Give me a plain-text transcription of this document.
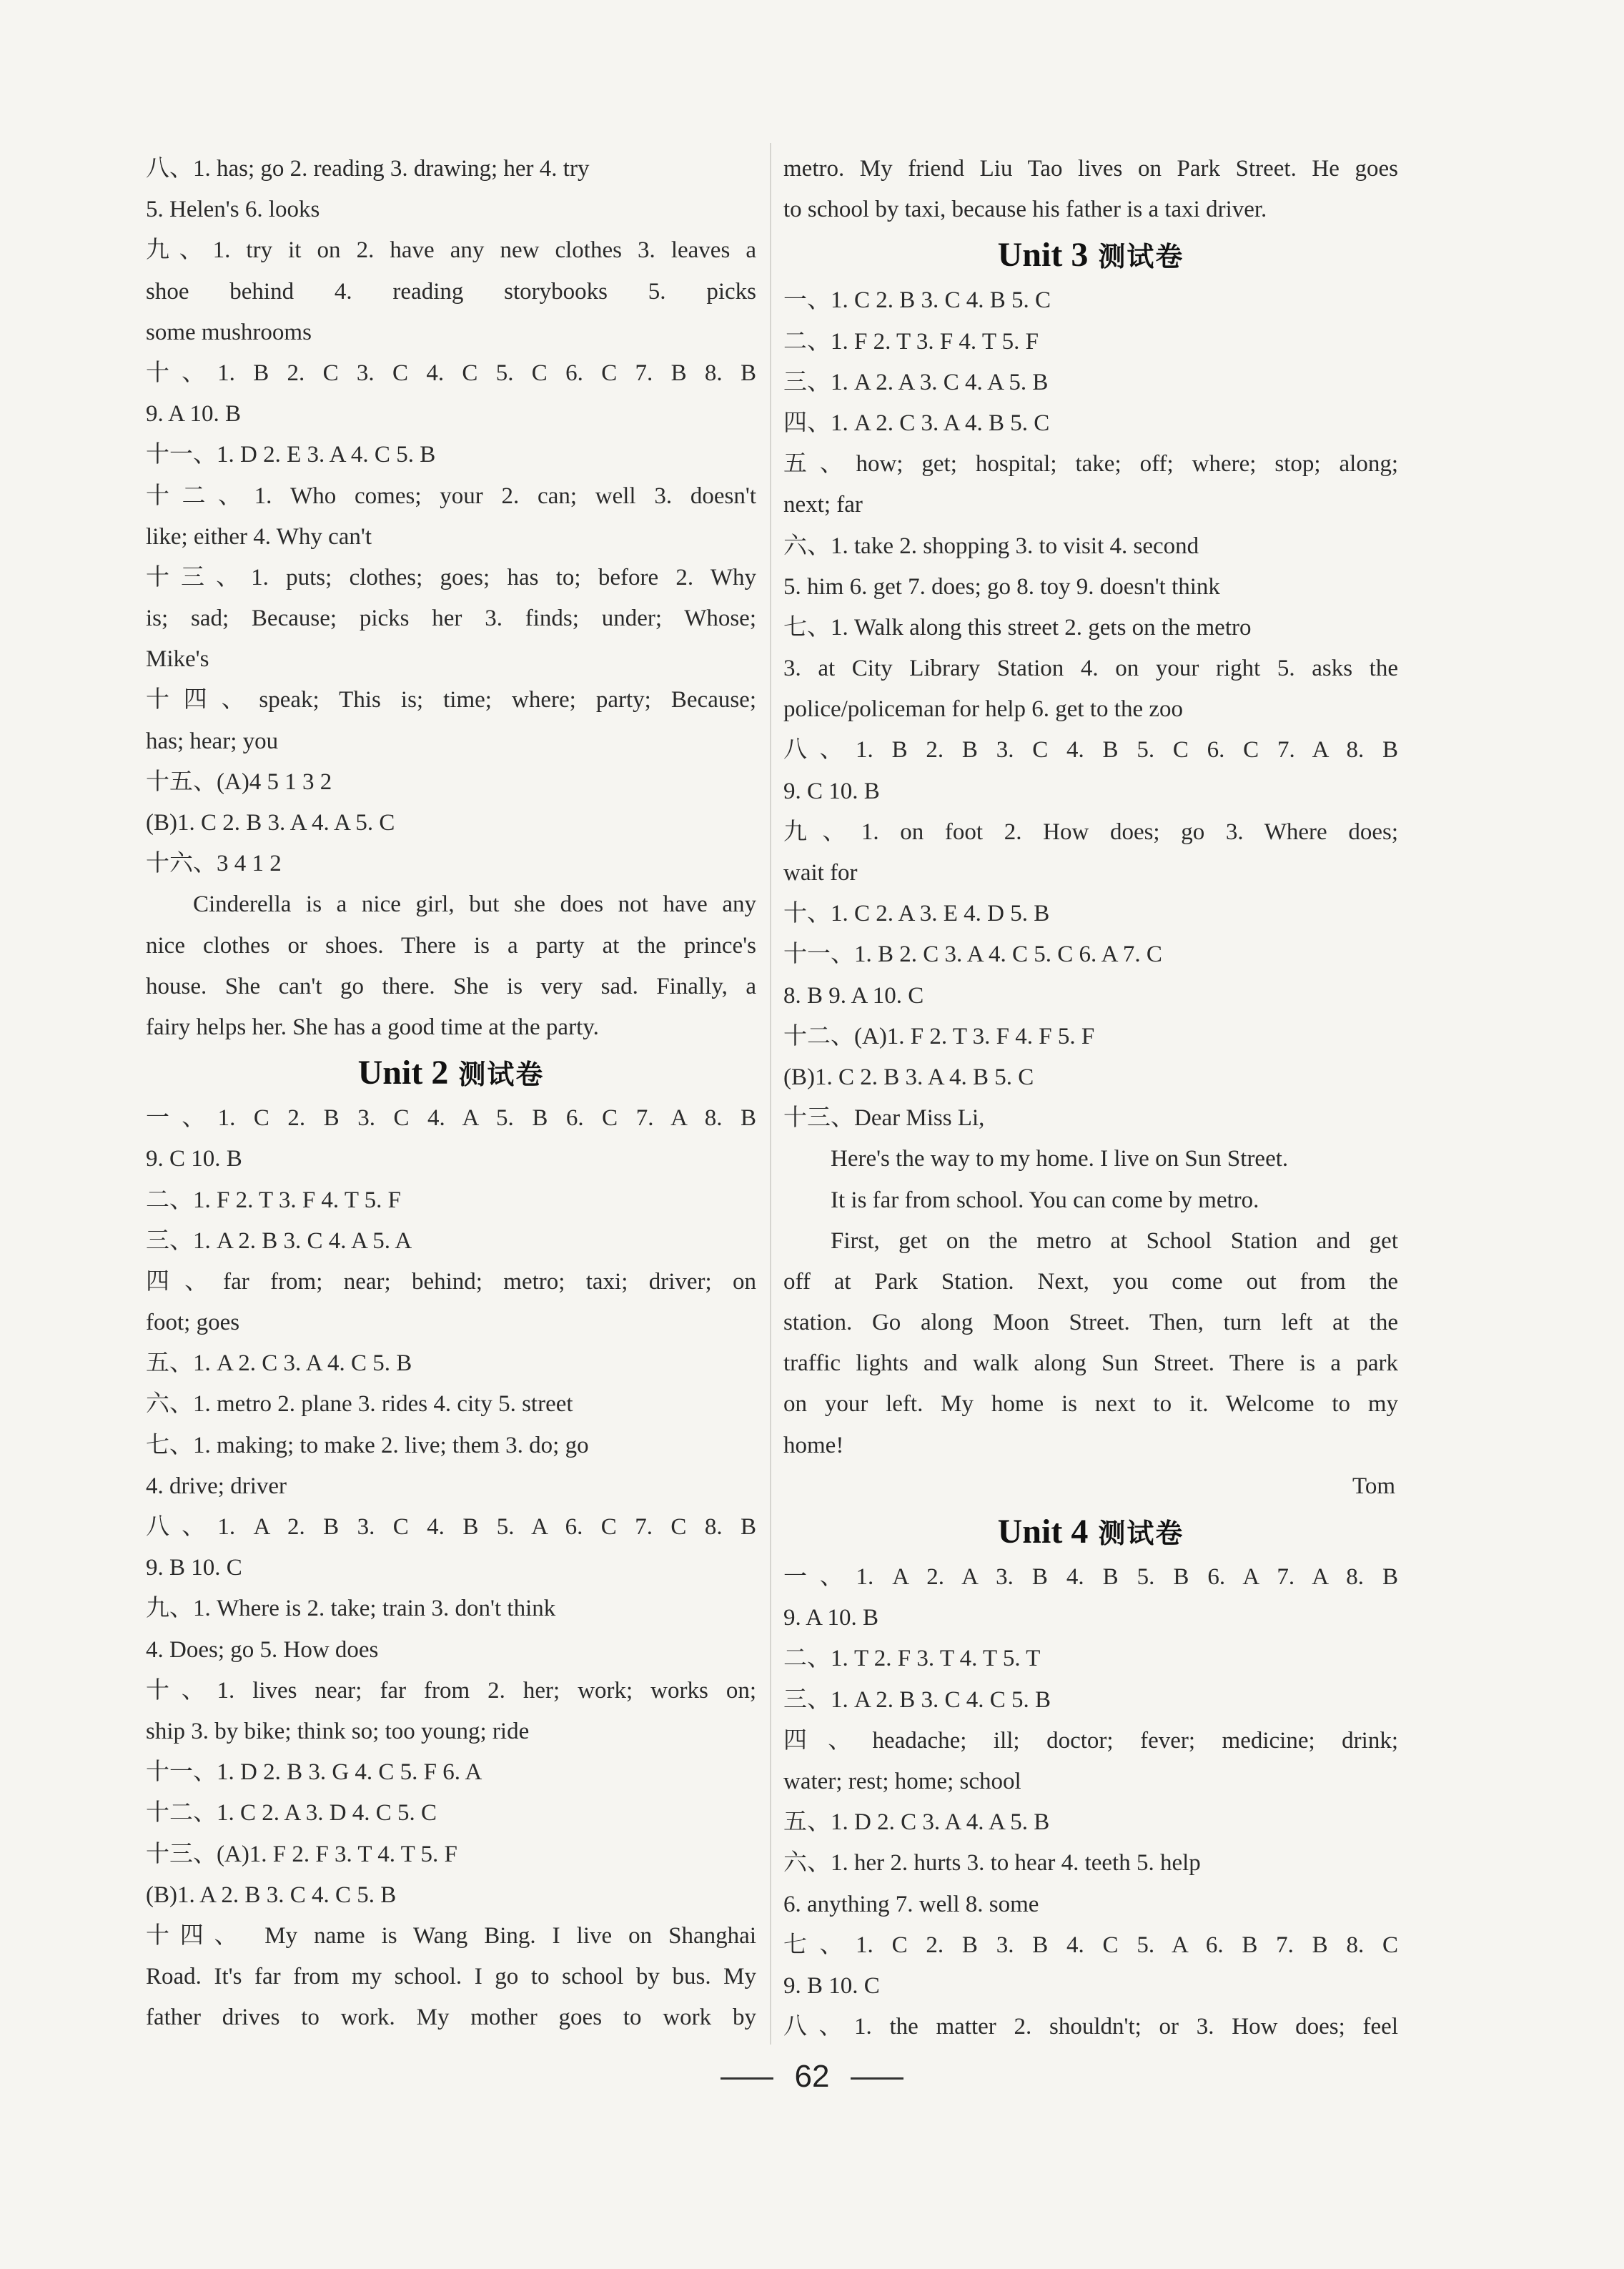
八、1. has; go 2. reading 3. drawing; her 4. try
5. Helen's 6. looks
九、1. try it on 2. have any new clothes 3. leaves a
shoe behind 4. reading storybooks 5. picks
some mushrooms
十、1. B 2. C 3. C 4. C 5. C 6. C 7. B 8. B
9. A 10. B
十一、1. D 2. E 3. A 4. C 5. B
十二、1. Who comes; your 2. can; well 3. doesn't
like; either 4. Why can't
十三、1. puts; clothes; goes; has to; before 2. Why
is; sad; Because; picks her 3. finds; under; Whose;
Mike's
十四、speak; This is; time; where; party; Because;
has; hear; you
十五、(A)4 5 1 3 2
(B)1. C 2. B 3. A 4. A 5. C
十六、3 4 1 2
Cinderella is a nice girl, but she does not have any
nice clothes or shoes. There is a party at the prince's
house. She can't go there. She is very sad. Finally, a
fairy helps her. She has a good time at the party.
Unit 2 测试卷
一、1. C 2. B 3. C 4. A 5. B 6. C 7. A 8. B
9. C 10. B
二、1. F 2. T 3. F 4. T 5. F
三、1. A 2. B 3. C 4. A 5. A
四、far from; near; behind; metro; taxi; driver; on
foot; goes
五、1. A 2. C 3. A 4. C 5. B
六、1. metro 2. plane 3. rides 4. city 5. street
七、1. making; to make 2. live; them 3. do; go
4. drive; driver
八、1. A 2. B 3. C 4. B 5. A 6. C 7. C 8. B
9. B 10. C
九、1. Where is 2. take; train 3. don't think
4. Does; go 5. How does
十、1. lives near; far from 2. her; work; works on;
ship 3. by bike; think so; too young; ride
十一、1. D 2. B 3. G 4. C 5. F 6. A
十二、1. C 2. A 3. D 4. C 5. C
十三、(A)1. F 2. F 3. T 4. T 5. F
(B)1. A 2. B 3. C 4. C 5. B
十四、 My name is Wang Bing. I live on Shanghai
Road. It's far from my school. I go to school by bus. My
father drives to work. My mother goes to work by
metro. My friend Liu Tao lives on Park Street. He goes
to school by taxi, because his father is a taxi driver.
Unit 3 测试卷
一、1. C 2. B 3. C 4. B 5. C
二、1. F 2. T 3. F 4. T 5. F
三、1. A 2. A 3. C 4. A 5. B
四、1. A 2. C 3. A 4. B 5. C
五、how; get; hospital; take; off; where; stop; along;
next; far
六、1. take 2. shopping 3. to visit 4. second
5. him 6. get 7. does; go 8. toy 9. doesn't think
七、1. Walk along this street 2. gets on the metro
3. at City Library Station 4. on your right 5. asks the
police/policeman for help 6. get to the zoo
八、1. B 2. B 3. C 4. B 5. C 6. C 7. A 8. B
9. C 10. B
九、1. on foot 2. How does; go 3. Where does;
wait for
十、1. C 2. A 3. E 4. D 5. B
十一、1. B 2. C 3. A 4. C 5. C 6. A 7. C
8. B 9. A 10. C
十二、(A)1. F 2. T 3. F 4. F 5. F
(B)1. C 2. B 3. A 4. B 5. C
十三、Dear Miss Li,
Here's the way to my home. I live on Sun Street.
It is far from school. You can come by metro.
First, get on the metro at School Station and get
off at Park Station. Next, you come out from the
station. Go along Moon Street. Then, turn left at the
traffic lights and walk along Sun Street. There is a park
on your left. My home is next to it. Welcome to my
home!
Tom
Unit 4 测试卷
一、1. A 2. A 3. B 4. B 5. B 6. A 7. A 8. B
9. A 10. B
二、1. T 2. F 3. T 4. T 5. T
三、1. A 2. B 3. C 4. C 5. B
四、headache; ill; doctor; fever; medicine; drink;
water; rest; home; school
五、1. D 2. C 3. A 4. A 5. B
六、1. her 2. hurts 3. to hear 4. teeth 5. help
6. anything 7. well 8. some
七、1. C 2. B 3. B 4. C 5. A 6. B 7. B 8. C
9. B 10. C
八、1. the matter 2. shouldn't; or 3. How does; feel
62
